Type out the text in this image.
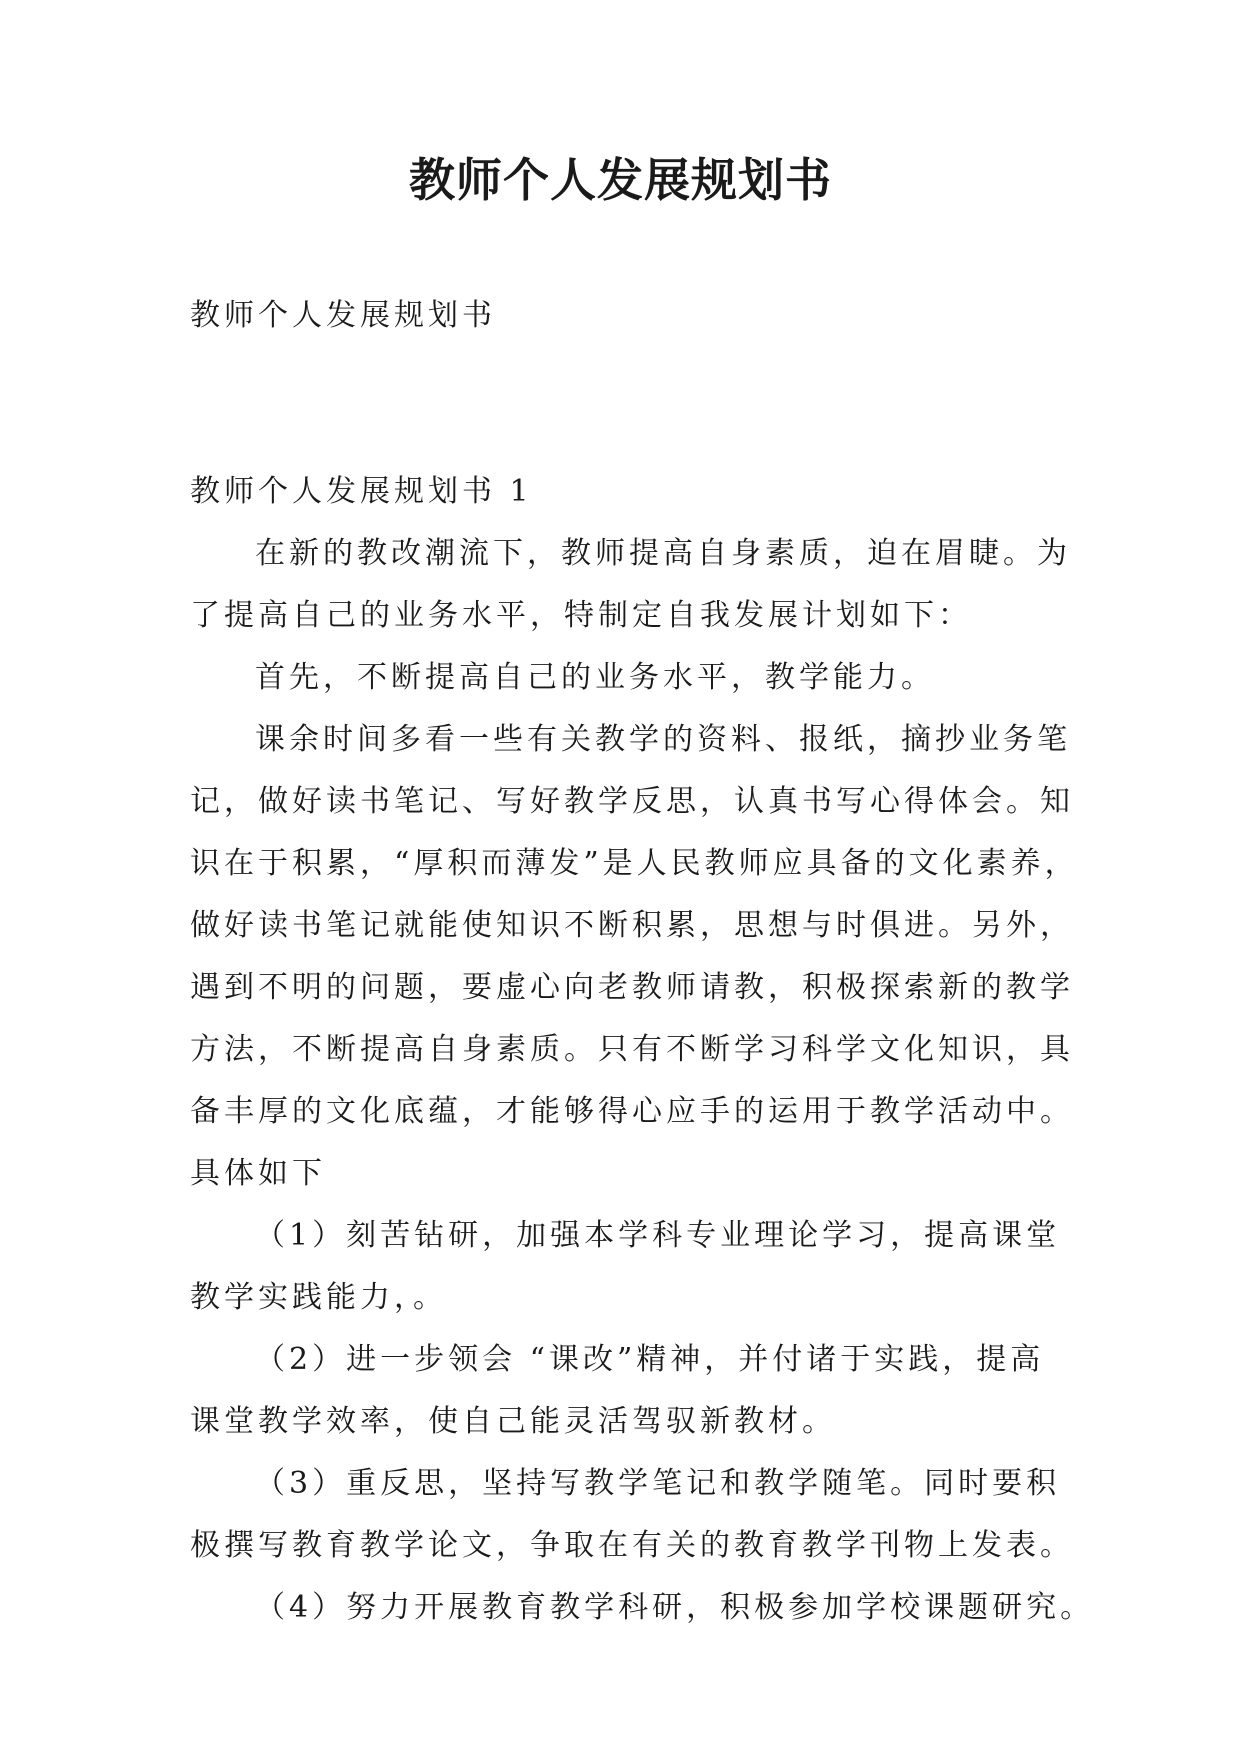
教师个人发展规划书
教师个人发展规划书
教师个人发展规划书 1
在新的教改潮流下，教师提高自身素质，迫在眉睫。为
了提高自己的业务水平，特制定自我发展计划如下：
首先，不断提高自己的业务水平，教学能力。
课余时间多看一些有关教学的资料、报纸，摘抄业务笔
记，做好读书笔记、写好教学反思，认真书写心得体会。知
识在于积累，“厚积而薄发”是人民教师应具备的文化素养，
做好读书笔记就能使知识不断积累，思想与时俱进。另外，
遇到不明的问题，要虚心向老教师请教，积极探索新的教学
方法，不断提高自身素质。只有不断学习科学文化知识，具
备丰厚的文化底蕴，才能够得心应手的运用于教学活动中。
具体如下
（1）刻苦钻研，加强本学科专业理论学习，提高课堂
教学实践能力，。
（2）进一步领会 “课改”精神，并付诸于实践，提高
课堂教学效率，使自己能灵活驾驭新教材。
（3）重反思，坚持写教学笔记和教学随笔。同时要积
极撰写教育教学论文，争取在有关的教育教学刊物上发表。
（4）努力开展教育教学科研，积极参加学校课题研究。
